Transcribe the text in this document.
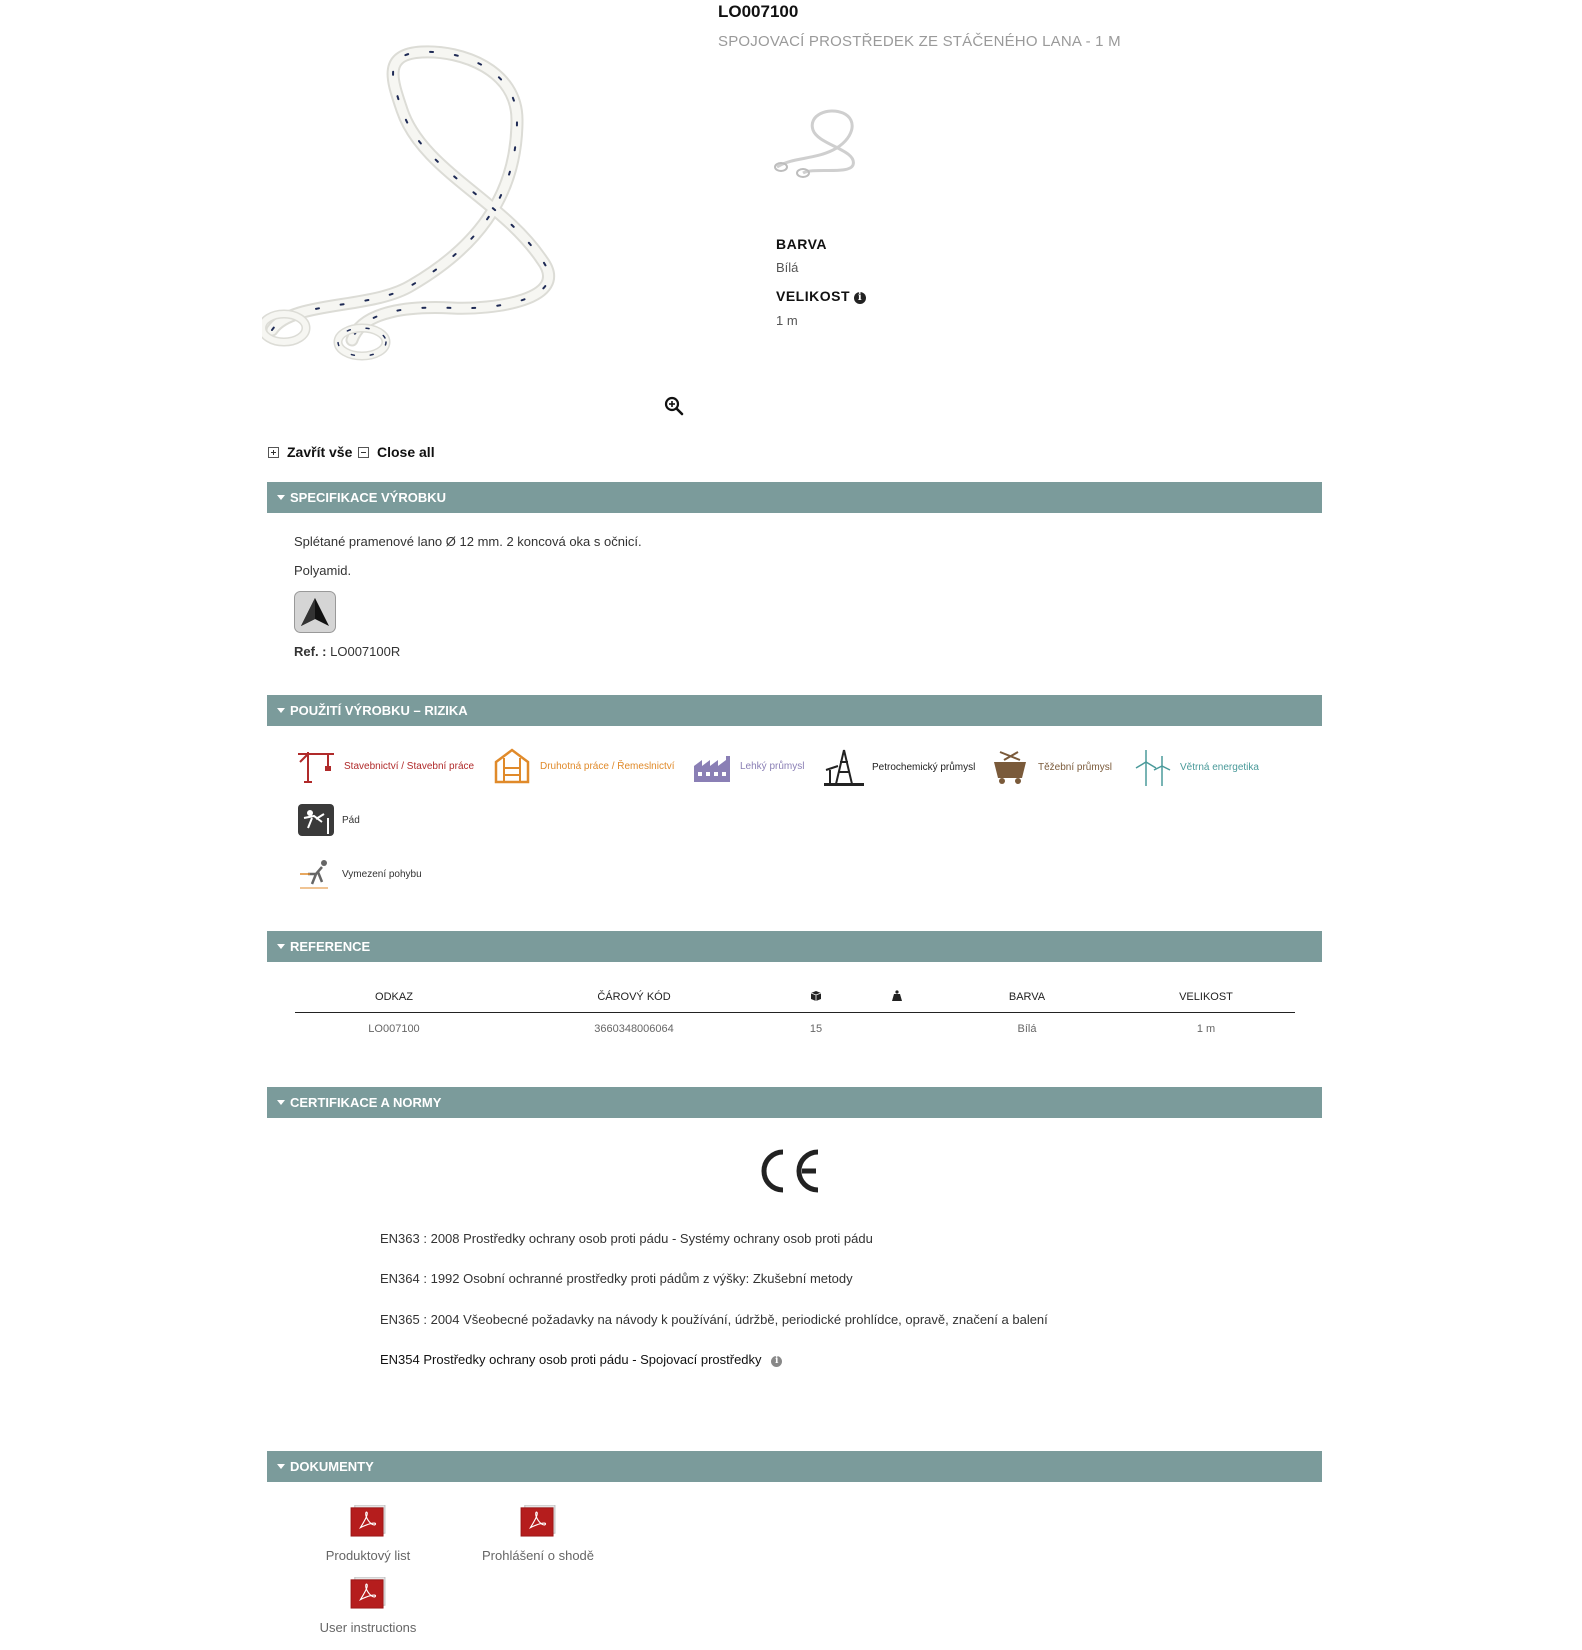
LO007100
SPOJOVACÍ PROSTŘEDEK ZE STÁČENÉHO LANA - 1 M
BARVA
Bílá
VELIKOST i
1 m
Zavřít vše Close all
SPECIFIKACE VÝROBKU
Splétané pramenové lano Ø 12 mm. 2 koncová oka s očnicí.
Polyamid.
Ref. : LO007100R
POUŽITÍ VÝROBKU – RIZIKA
Stavebnictví / Stavební práce	Druhotná práce / Řemeslnictví	Lehký průmysl	Petrochemický průmysl	Těžební průmysl	Větrná energetika
Pád
Vymezení pohybu
REFERENCE
ODKAZ	ČÁROVÝ KÓD			BARVA	VELIKOST
LO007100	3660348006064	15		Bílá	1 m
CERTIFIKACE A NORMY
EN363 : 2008 Prostředky ochrany osob proti pádu - Systémy ochrany osob proti pádu
EN364 : 1992 Osobní ochranné prostředky proti pádům z výšky: Zkušební metody
EN365 : 2004 Všeobecné požadavky na návody k používání, údržbě, periodické prohlídce, opravě, značení a balení
EN354 Prostředky ochrany osob proti pádu - Spojovací prostředky i
DOKUMENTY
Produktový list	Prohlášení o shodě
User instructions
